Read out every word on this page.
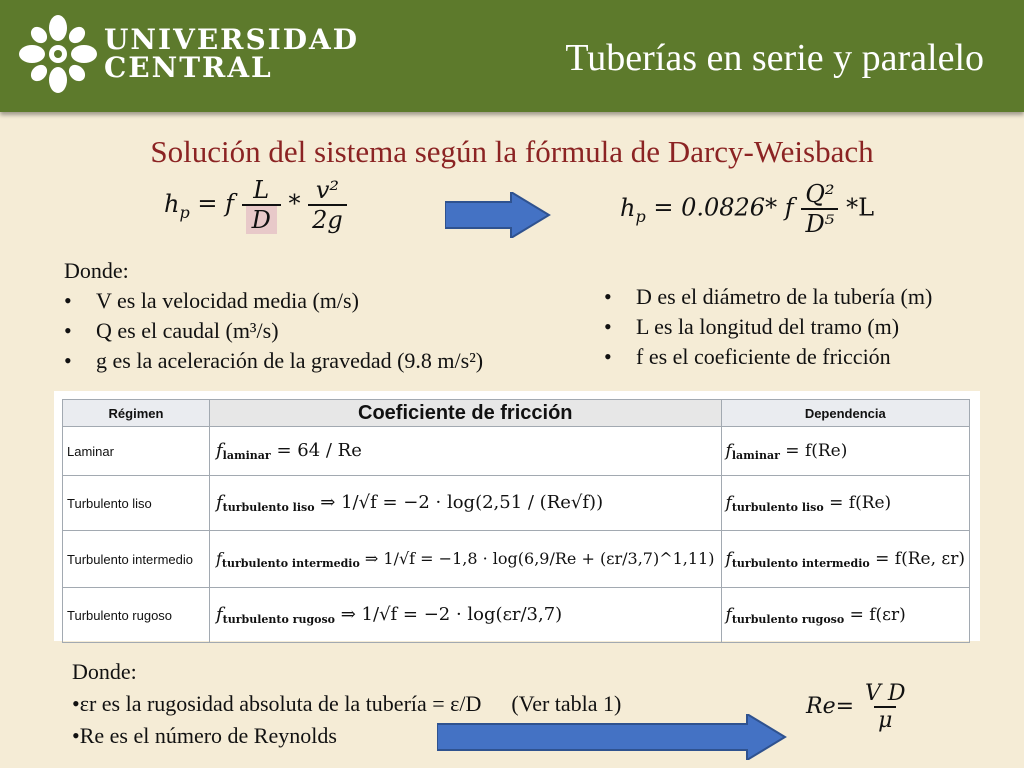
UNIVERSIDAD
CENTRAL	Tuberías en serie y paralelo
Solución del sistema según la fórmula de Darcy-Weisbach
$h_p = f \frac{L}{D} * \frac{\text{v²}}{2g}$	$h_p = 0.0826*$ f $\frac{\text{Q²}}{\text{D⁵}} *L$
Donde:
• V es la velocidad media (m/s)
• Q es el caudal (m³/s)
• g es la aceleración de la gravedad (9.8 m/s²)
• D es el diámetro de la tubería (m)
• L es la longitud del tramo (m)
• f es el coeficiente de fricción
Régimen	Coeficiente de fricción	Dependencia
Laminar	$f_{laminar} = 64 / Re$	$f_{laminar} = f(Re)$
Turbulento liso	$f_{turbulento liso}$ ⇒ 1/√f = −2 · log(2,51 / (Re√f))	$f_{turbulento liso} = f(Re)$
Turbulento intermedio	$f_{turbulento intermedio}$ ⇒ 1/√f = −1,8 · log(6,9/Re + (εr/3,7)^1,11)	$f_{turbulento intermedio} = f(Re$, εr)
Turbulento rugoso	$f_{turbulento rugoso}$ ⇒ 1/√f = −2 · log(εr/3,7)	$f_{turbulento rugoso} = f(\varepsilon r)$
Donde:
•εr es la rugosidad absoluta de la tubería = ε/D (Ver tabla 1)
•Re es el número de Reynolds
$Re= \frac{\text{V D}}{\mu}$
